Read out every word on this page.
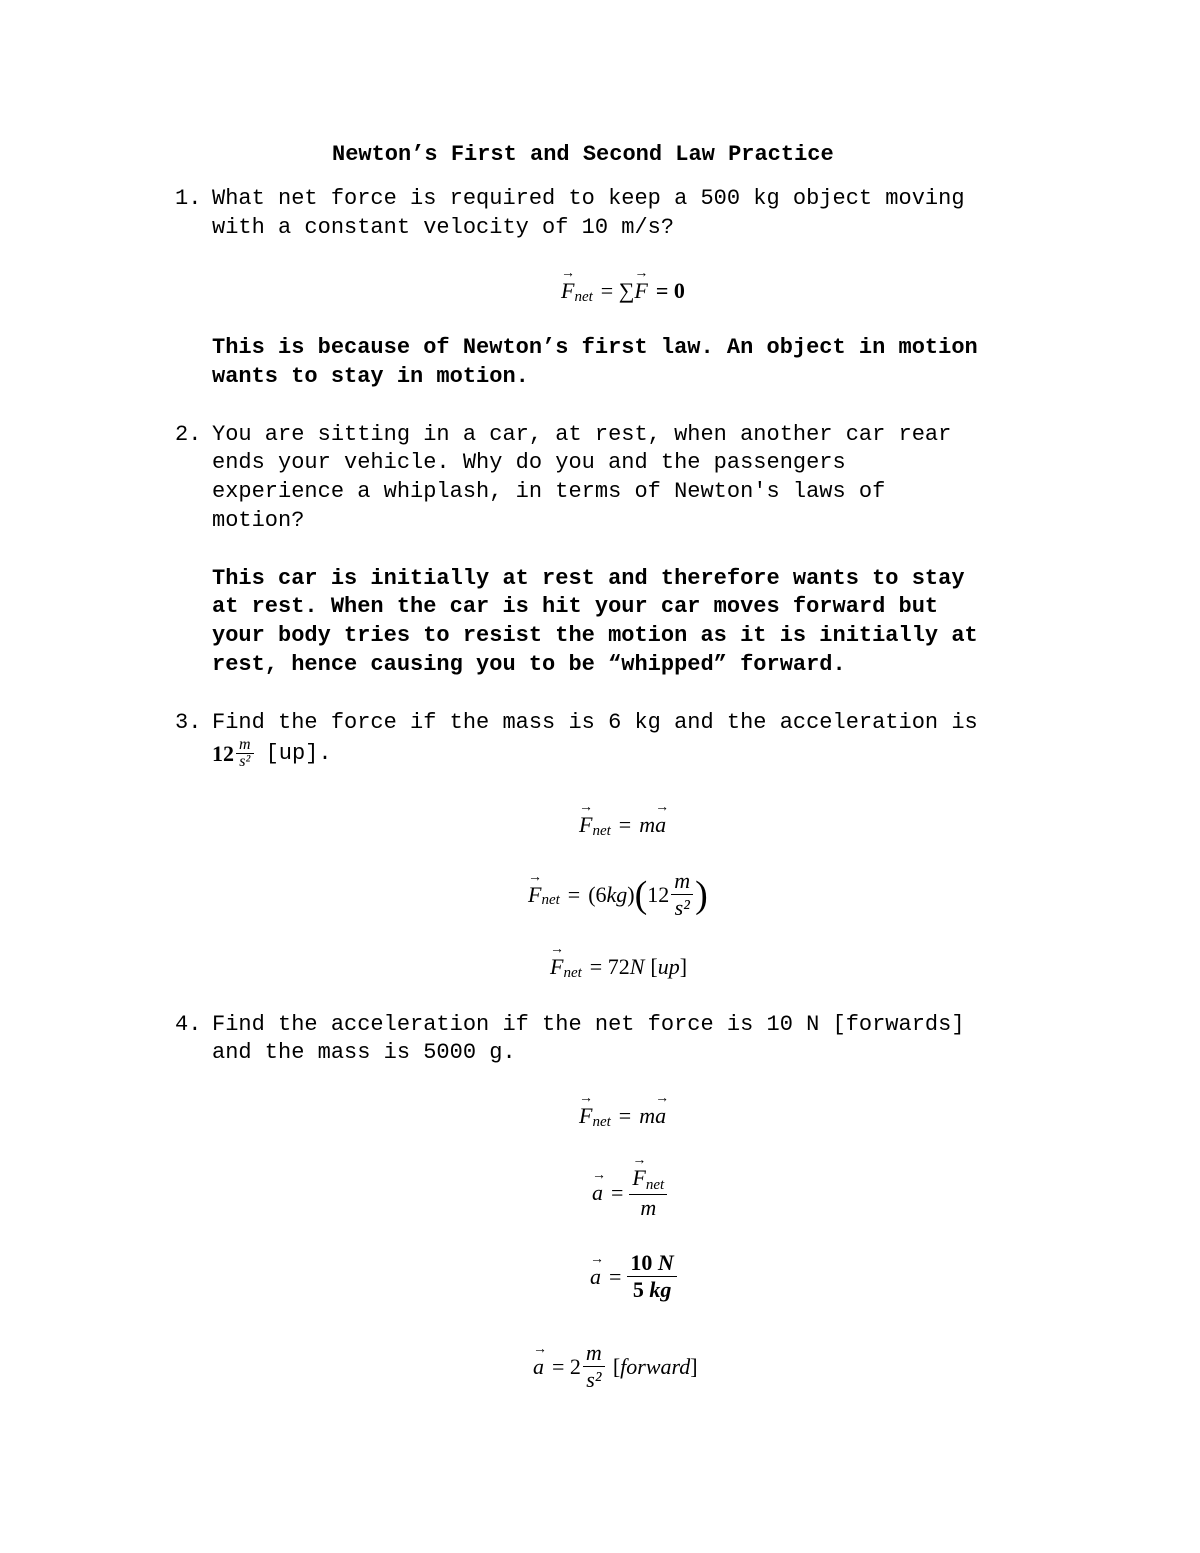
Newton’s First and Second Law Practice
1. What net force is required to keep a 500 kg object moving
with a constant velocity of 10 m/s?
→
F net = ∑
→
F = 0
This is because of Newton’s first law. An object in motion
wants to stay in motion.
2. You are sitting in a car, at rest, when another car rear
ends your vehicle. Why do you and the passengers
experience a whiplash, in terms of Newton's laws of
motion?
This car is initially at rest and therefore wants to stay
at rest. When the car is hit your car moves forward but
your body tries to resist the motion as it is initially at
rest, hence causing you to be “whipped” forward.
3. Find the force if the mass is 6 kg and the acceleration is
$12 \frac{m}{\text{s²}} [up]$.
→
F net = m
→
a
→
F net = (6 kg ) ( $12 \frac{m}{\text{s²}}$ )
→
F net = 72 N [ up ]
4. Find the acceleration if the net force is 10 N [forwards]
and the mass is 5000 g.
→
F net = m
→
a
→
a = →
Fnet
m
→
$a = \frac{10 N}{5 kg}$
→
$a = 2 \frac{m}{\text{s²}}$ [ forward ]
